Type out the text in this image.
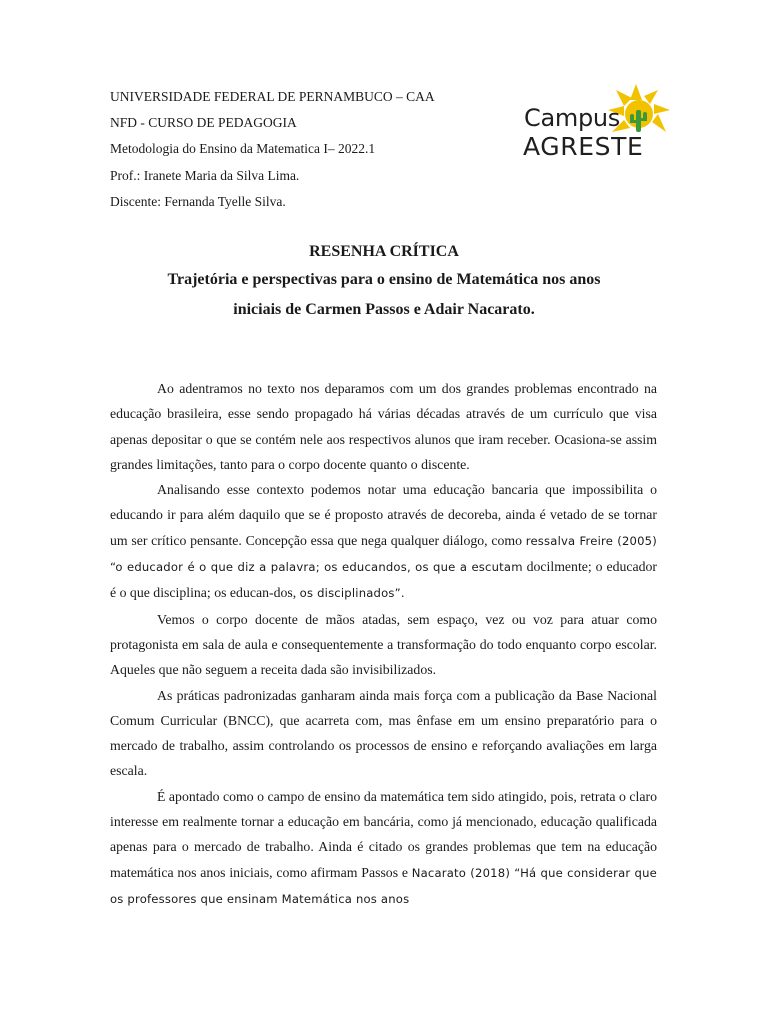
UNIVERSIDADE FEDERAL DE PERNAMBUCO – CAA
NFD - CURSO DE PEDAGOGIA
Metodologia do Ensino da Matematica I– 2022.1
Prof.: Iranete Maria da Silva Lima.
Discente: Fernanda Tyelle Silva.
Campus
AGRESTE
RESENHA CRÍTICA
Trajetória e perspectivas para o ensino de Matemática nos anos
iniciais de Carmen Passos e Adair Nacarato.

Ao adentramos no texto nos deparamos com um dos grandes problemas encontrado na educação brasileira, esse sendo propagado há várias décadas através de um currículo que visa apenas depositar o que se contém nele aos respectivos alunos que iram receber. Ocasiona-se assim grandes limitações, tanto para o corpo docente quanto o discente.

Analisando esse contexto podemos notar uma educação bancaria que impossibilita o educando ir para além daquilo que se é proposto através de decoreba, ainda é vetado de se tornar um ser crítico pensante. Concepção essa que nega qualquer diálogo, como ressalva Freire (2005) “o educador é o que diz a palavra; os educandos, os que a escutam docilmente; o educador é o que disciplina; os educan-dos, os disciplinados”.

Vemos o corpo docente de mãos atadas, sem espaço, vez ou voz para atuar como protagonista em sala de aula e consequentemente a transformação do todo enquanto corpo escolar. Aqueles que não seguem a receita dada são invisibilizados.

As práticas padronizadas ganharam ainda mais força com a publicação da Base Nacional Comum Curricular (BNCC), que acarreta com, mas ênfase em um ensino preparatório para o mercado de trabalho, assim controlando os processos de ensino e reforçando avaliações em larga escala.

É apontado como o campo de ensino da matemática tem sido atingido, pois, retrata o claro interesse em realmente tornar a educação em bancária, como já mencionado, educação qualificada apenas para o mercado de trabalho. Ainda é citado os grandes problemas que tem na educação matemática nos anos iniciais, como afirmam Passos e Nacarato (2018) “Há que considerar que os professores que ensinam Matemática nos anos
